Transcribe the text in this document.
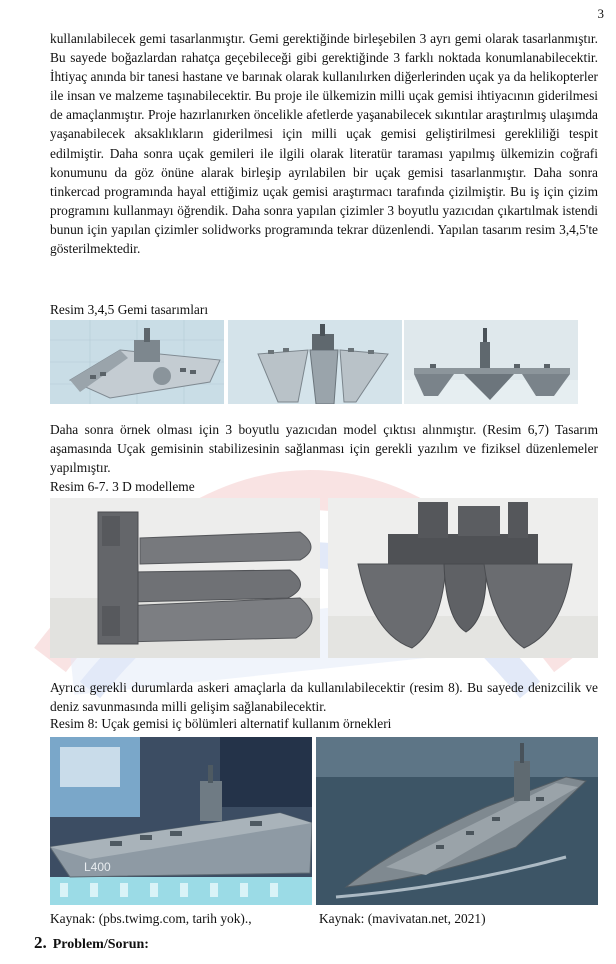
3

kullanılabilecek gemi tasarlanmıştır. Gemi gerektiğinde birleşebilen 3 ayrı gemi olarak tasarlanmıştır. Bu sayede boğazlardan rahatça geçebileceği gibi gerektiğinde 3 farklı noktada konumlanabilecektir. İhtiyaç anında bir tanesi hastane ve barınak olarak kullanılırken diğerlerinden uçak ya da helikopterler ile insan ve malzeme taşınabilecektir. Bu proje ile ülkemizin milli uçak gemisi ihtiyacının giderilmesi de amaçlanmıştır. Proje hazırlanırken öncelikle afetlerde yaşanabilecek sıkıntılar araştırılmış ulaşımda yaşanabilecek aksaklıkların giderilmesi için milli uçak gemisi geliştirilmesi gerekliliği tespit edilmiştir. Daha sonra uçak gemileri ile ilgili olarak literatür taraması yapılmış ülkemizin coğrafi konumunu da göz önüne alarak birleşip ayrılabilen bir uçak gemisi tasarlanmıştır. Daha sonra tinkercad programında hayal ettiğimiz uçak gemisi araştırmacı tarafında çizilmiştir. Bu iş için çizim programını kullanmayı öğrendik. Daha sonra yapılan çizimler 3 boyutlu yazıcıdan çıkartılmak istendi bunun için yapılan çizimler solidworks programında tekrar düzenlendi. Yapılan tasarım resim 3,4,5'te gösterilmektedir.

Resim 3,4,5 Gemi tasarımları

Daha sonra örnek olması için 3 boyutlu yazıcıdan model çıktısı alınmıştır. (Resim 6,7) Tasarım aşamasında Uçak gemisinin stabilizesinin sağlanması için gerekli yazılım ve fiziksel düzenlemeler yapılmıştır.

Resim 6-7. 3 D modelleme

Ayrıca gerekli durumlarda askeri amaçlarla da kullanılabilecektir (resim 8). Bu sayede denizcilik ve deniz savunmasında milli gelişim sağlanabilecektir.

Resim 8: Uçak gemisi iç bölümleri alternatif kullanım örnekleri
L400
Kaynak: (pbs.twimg.com, tarih yok).,	Kaynak: (mavivatan.net, 2021)
2. Problem/Sorun:
